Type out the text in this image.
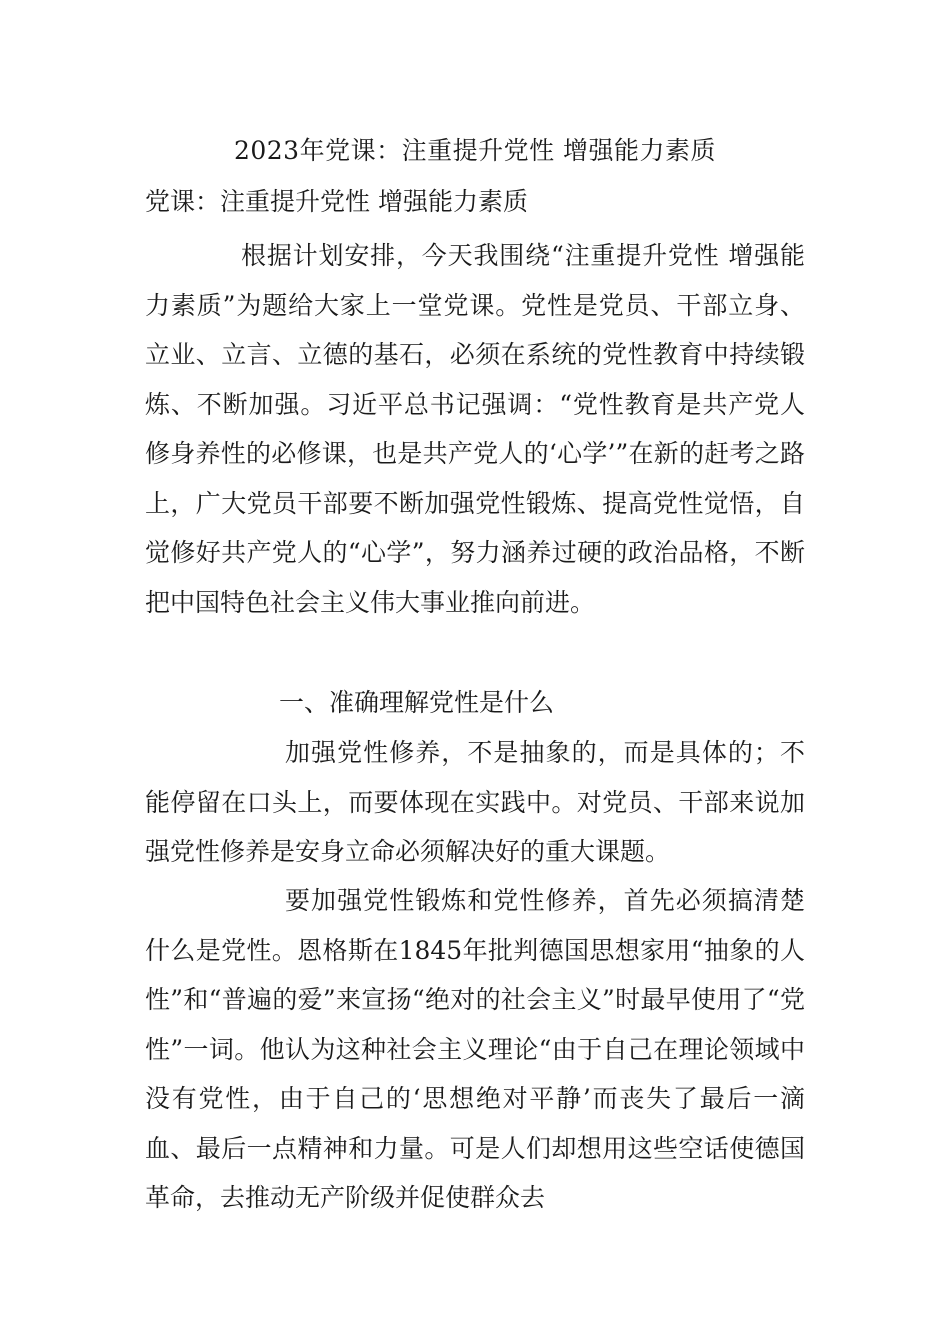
2023年党课：注重提升党性 增强能力素质
党课：注重提升党性 增强能力素质

根据计划安排，今天我围绕“注重提升党性 增强能力素质”为题给大家上一堂党课。党性是党员、干部立身、立业、立言、立德的基石，必须在系统的党性教育中持续锻炼、不断加强。习近平总书记强调：“党性教育是共产党人修身养性的必修课，也是共产党人的‘心学’”在新的赶考之路上，广大党员干部要不断加强党性锻炼、提高党性觉悟，自觉修好共产党人的“心学”，努力涵养过硬的政治品格，不断把中国特色社会主义伟大事业推向前进。

一、准确理解党性是什么

加强党性修养，不是抽象的，而是具体的；不能停留在口头上，而要体现在实践中。对党员、干部来说加强党性修养是安身立命必须解决好的重大课题。

要加强党性锻炼和党性修养，首先必须搞清楚什么是党性。恩格斯在1845年批判德国思想家用“抽象的人性”和“普遍的爱”来宣扬“绝对的社会主义”时最早使用了“党性”一词。他认为这种社会主义理论“由于自己在理论领域中没有党性，由于自己的‘思想绝对平静’而丧失了最后一滴血、最后一点精神和力量。可是人们却想用这些空话使德国革命，去推动无产阶级并促使群众去
